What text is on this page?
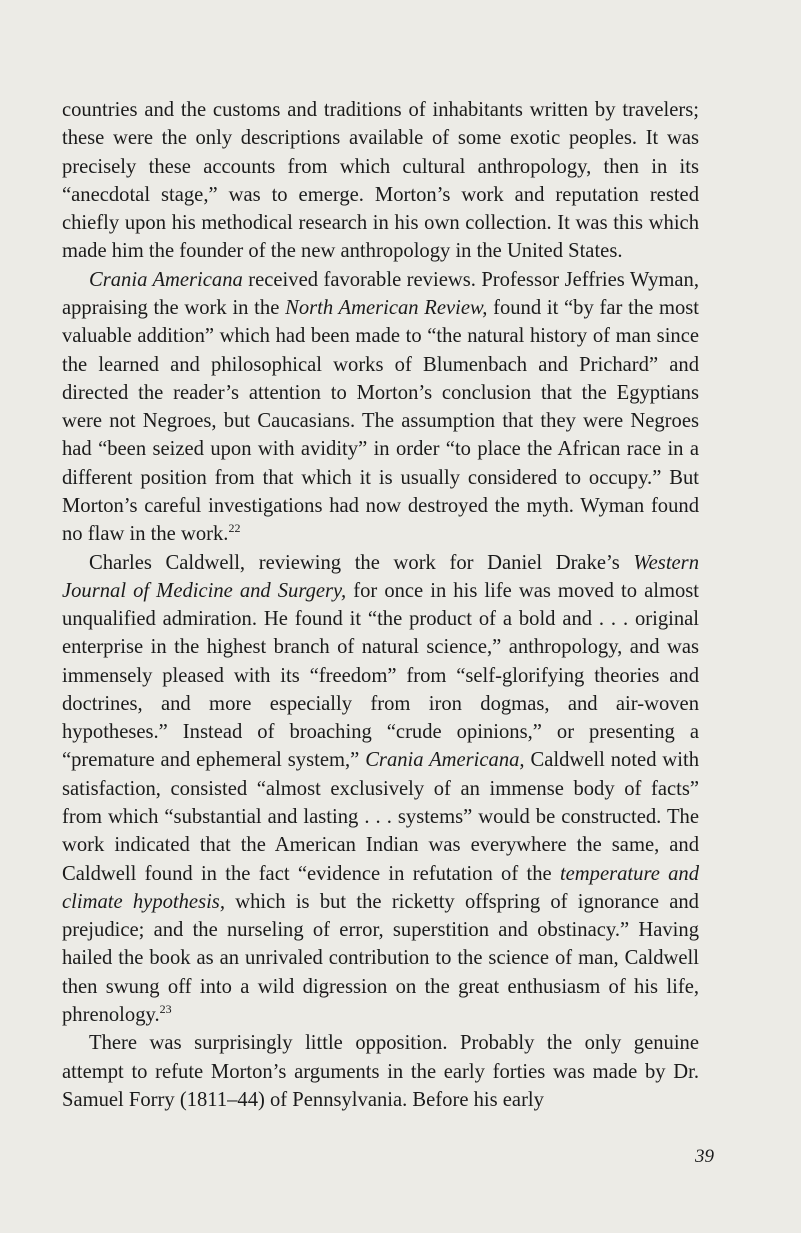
countries and the customs and traditions of inhabitants written by travelers; these were the only descriptions available of some exotic peoples. It was precisely these accounts from which cultural anthropology, then in its “anecdotal stage,” was to emerge. Morton’s work and reputation rested chiefly upon his methodical research in his own collection. It was this which made him the founder of the new anthropology in the United States.

Crania Americana received favorable reviews. Professor Jeffries Wyman, appraising the work in the North American Review, found it “by far the most valuable addition” which had been made to “the natural history of man since the learned and philosophical works of Blumenbach and Prichard” and directed the reader’s attention to Morton’s conclusion that the Egyptians were not Negroes, but Caucasians. The assumption that they were Negroes had “been seized upon with avidity” in order “to place the African race in a different position from that which it is usually considered to occupy.” But Morton’s careful investigations had now destroyed the myth. Wyman found no flaw in the work.$^{22}$

Charles Caldwell, reviewing the work for Daniel Drake’s Western Journal of Medicine and Surgery, for once in his life was moved to almost unqualified admiration. He found it “the product of a bold and . . . original enterprise in the highest branch of natural science,” anthropology, and was immensely pleased with its “freedom” from “self-glorifying theories and doctrines, and more especially from iron dogmas, and air-woven hypotheses.” Instead of broaching “crude opinions,” or presenting a “premature and ephemeral system,” Crania Americana, Caldwell noted with satisfaction, consisted “almost exclusively of an immense body of facts” from which “substantial and lasting . . . systems” would be constructed. The work indicated that the American Indian was everywhere the same, and Caldwell found in the fact “evidence in refutation of the temperature and climate hypothesis, which is but the ricketty offspring of ignorance and prejudice; and the nurseling of error, superstition and obstinacy.” Having hailed the book as an unrivaled contribution to the science of man, Caldwell then swung off into a wild digression on the great enthusiasm of his life, phrenology.$^{23}$

There was surprisingly little opposition. Probably the only genuine attempt to refute Morton’s arguments in the early forties was made by Dr. Samuel Forry (1811–44) of Pennsylvania. Before his early

39
